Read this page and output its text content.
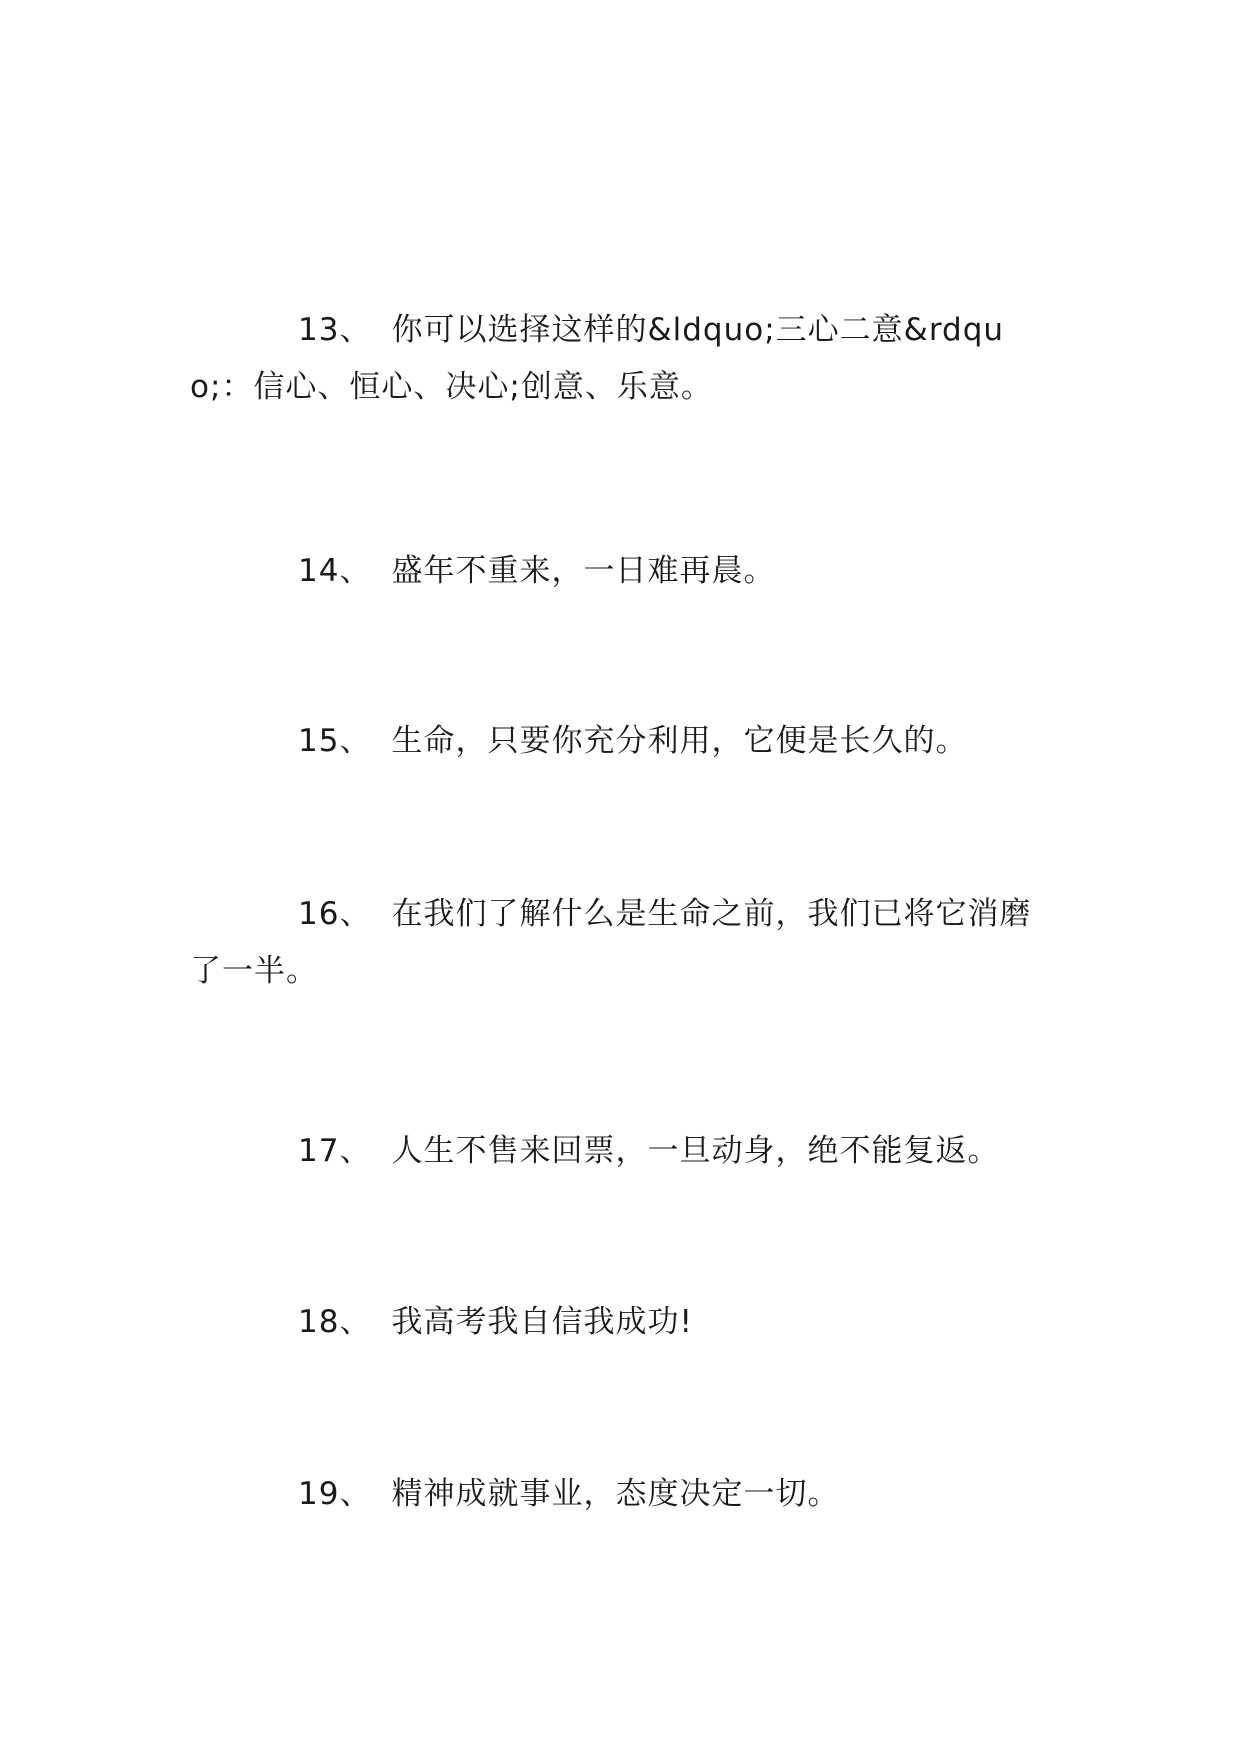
13、 你可以选择这样的&ldquo;三心二意&rdquo;：信心、恒心、决心;创意、乐意。

14、 盛年不重来，一日难再晨。

15、 生命，只要你充分利用，它便是长久的。

16、 在我们了解什么是生命之前，我们已将它消磨了一半。

17、 人生不售来回票，一旦动身，绝不能复返。

18、 我高考我自信我成功!

19、 精神成就事业，态度决定一切。
